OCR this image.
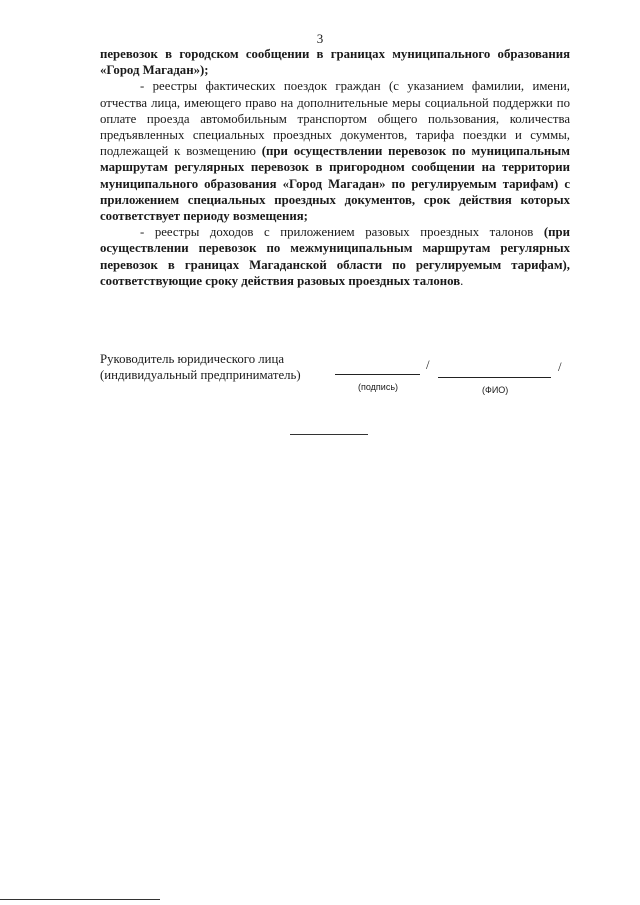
3

перевозок в городском сообщении в границах муниципального образования «Город Магадан»);

- реестры фактических поездок граждан (с указанием фамилии, имени, отчества лица, имеющего право на дополнительные меры социальной поддержки по оплате проезда автомобильным транспортом общего пользования, количества предъявленных специальных проездных документов, тарифа поездки и суммы, подлежащей к возмещению (при осуществлении перевозок по муниципальным маршрутам регулярных перевозок в пригородном сообщении на территории муниципального образования «Город Магадан» по регулируемым тарифам) с приложением специальных проездных документов, срок действия которых соответствует периоду возмещения;

- реестры доходов с приложением разовых проездных талонов (при осуществлении перевозок по межмуниципальным маршрутам регулярных перевозок в границах Магаданской области по регулируемым тарифам), соответствующие сроку действия разовых проездных талонов.

Руководитель юридического лица
(индивидуальный предприниматель)
/	/
(подпись)	(ФИО)
